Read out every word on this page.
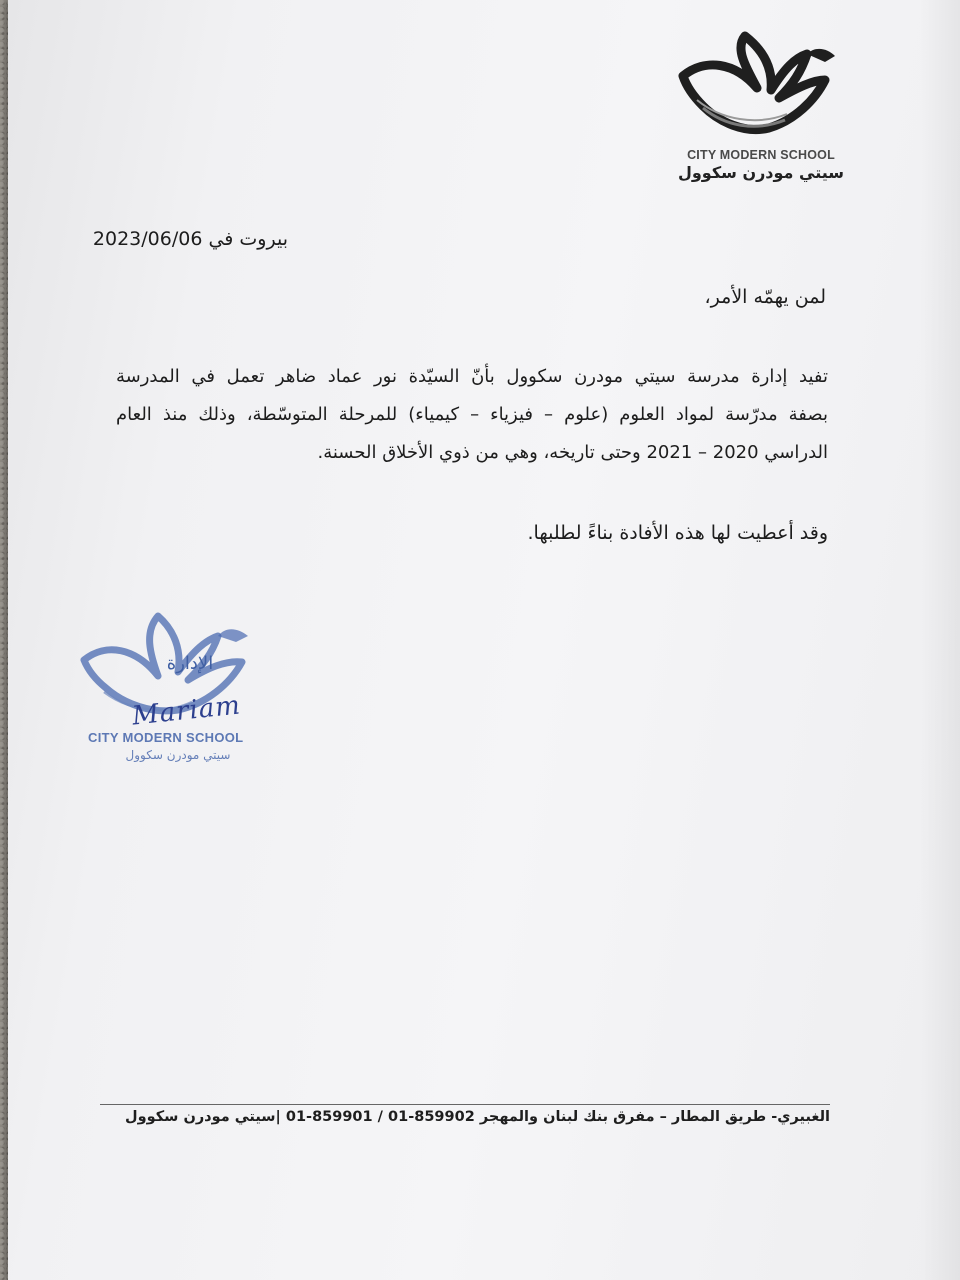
CITY MODERN SCHOOL
سيتي مودرن سكوول
بيروت في 2023/06/06
لمن يهمّه الأمر،
تفيد إدارة مدرسة سيتي مودرن سكوول بأنّ السيّدة نور عماد ضاهر تعمل في المدرسة
بصفة مدرّسة لمواد العلوم (علوم – فيزياء – كيمياء) للمرحلة المتوسّطة، وذلك منذ العام
الدراسي 2020 – 2021 وحتى تاريخه، وهي من ذوي الأخلاق الحسنة.
وقد أعطيت لها هذه الأفادة بناءً لطلبها.
الإدارة
CITY MODERN SCHOOL
سيتي مودرن سكوول
Mariam
الغبيري- طريق المطار – مفرق بنك لبنان والمهجر 859902-01 / 859901-01 |سيتي مودرن سكوول
